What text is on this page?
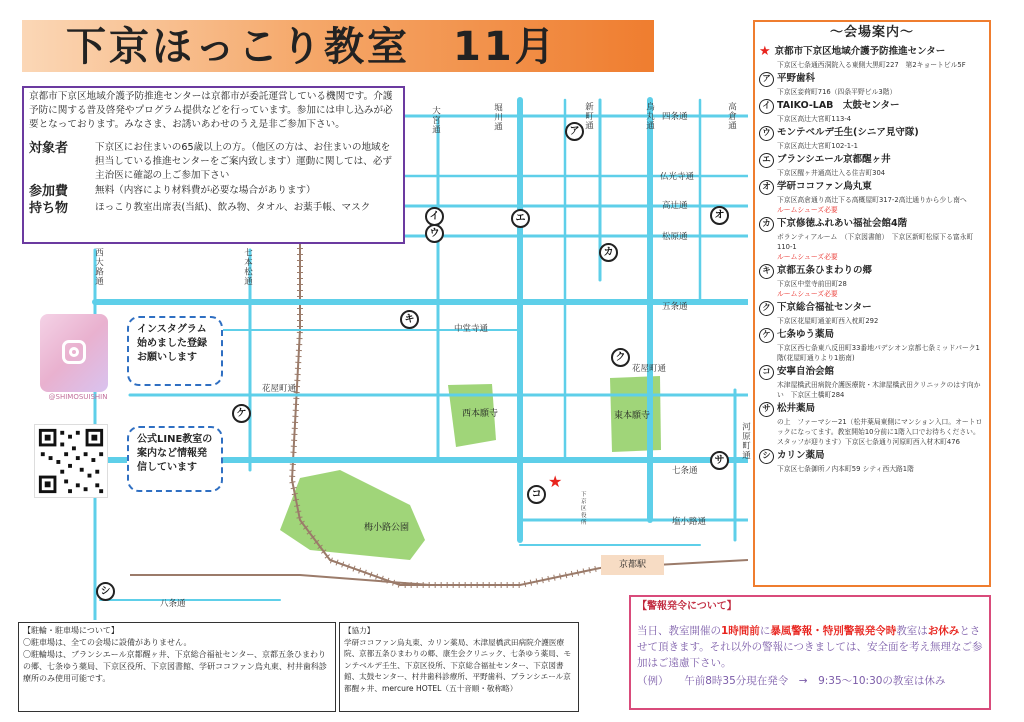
下京ほっこり教室　11月
大宮通	堀川通	新町通	烏丸通	高倉通
西大路通	七本松通
河原町通
四条通
仏光寺通
高辻通
松原通
五条通
中堂寺通
花屋町通
花屋町通
七条通
塩小路通
八条通
西本願寺	東本願寺
梅小路公園
下京区役所
ア
イ
ウ
エ	オ
カ
キ
ク
ケ
コ
サ
シ
★
京都駅

京都市下京区地域介護予防推進センターは京都市が委託運営している機関です。介護予防に関する普及啓発やプログラム提供などを行っています。参加には申し込みが必要となっております。みなさま、お誘いあわせのうえ是非ご参加下さい。

対象者	下京区にお住まいの65歳以上の方。（他区の方は、お住まいの地域を担当している推進センターをご案内致します）運動に関しては、必ず主治医に確認の上ご参加下さい
参加費	無料（内容により材料費が必要な場合があります）
持ち物	ほっこり教室出席表(当紙)、飲み物、タオル、お薬手帳、マスク
@SHIMOSUISHIN
インスタグラム始めました登録お願いします
公式LINE教室の案内など情報発信しています
～会場案内～
★ 京都市下京区地域介護予防推進センター
下京区七条通西洞院入る東側大黒町227　第2キョートビル5F
ア 平野歯科
下京区妾荷町716（四条平野ビル3階）
イ TAIKO-LAB　太鼓センター
下京区高辻大宮町113-4
ウ モンテベルデ壬生(シニア見守隊)
下京区高辻大宮町102-1-1
エ ブランシエール京都醒ヶ井
下京区醒ヶ井通高辻入る住吉町304
オ 学研ココファン烏丸東
下京区高倉通り高辻下る高概屋町317-2高辻通りから少し南へ
ルームシューズ必要
カ 下京修徳ふれあい福祉会館4階
ボランティアルーム　（下京図書館）　下京区新町松原下る富永町110-1
ルームシューズ必要
キ 京都五条ひまわりの郷
下京区中堂寺前田町28
ルームシューズ必要
ク 下京総合福祉センター
下京区花屋町通並町西入枕町292
ケ 七条ゆう薬局
下京区西七条東八反田町33番地パデシオン京都七条ミッドパーク1階(花屋町通りより1筋南)
コ 安寧自治会館
木津屋橋武田病院介護医療院・木津屋橋武田クリニックのはす向かい　下京区土橋町284
サ 松井薬局
の上　ファーマシー21（松井薬局東側にマンション入口。オートロックになってます。教室開始10分前に1階入口でお待ちください。スタッフが迎ります）下京区七条通り河原町西入材木町476
シ カリン薬局
下京区七条御所ノ内本町59 シティ西大路1階
【駐輪・駐車場について】
〇駐車場は、全ての会場に設備がありません。
〇駐輪場は、ブランシエール京都醒ヶ井、下京総合福祉センター、京都五条ひまわりの郷、七条ゆう薬局、下京区役所、下京図書館、学研ココファン烏丸東、村井歯科診療所のみ使用可能です。
【協力】
学研ココファン烏丸東、カリン薬局、木津屋橋武田病院介護医療院、京都五条ひまわりの郷、康生会クリニック、七条ゆう薬局、モンテベルデ壬生、下京区役所、下京総合福祉センター、下京図書館、太鼓センター、村井歯科診療所、平野歯科、ブランシエール京都醒ヶ井、mercure HOTEL（五十音順・敬称略）
【警報発令について】
当日、教室開催の1時間前に暴風警報・特別警報発令時教室はお休みとさせて頂きます。それ以外の警報につきましては、安全面を考え無理なご参加はご遠慮下さい。
（例）　　午前8時35分現在発令　→　9:35～10:30の教室は休み
